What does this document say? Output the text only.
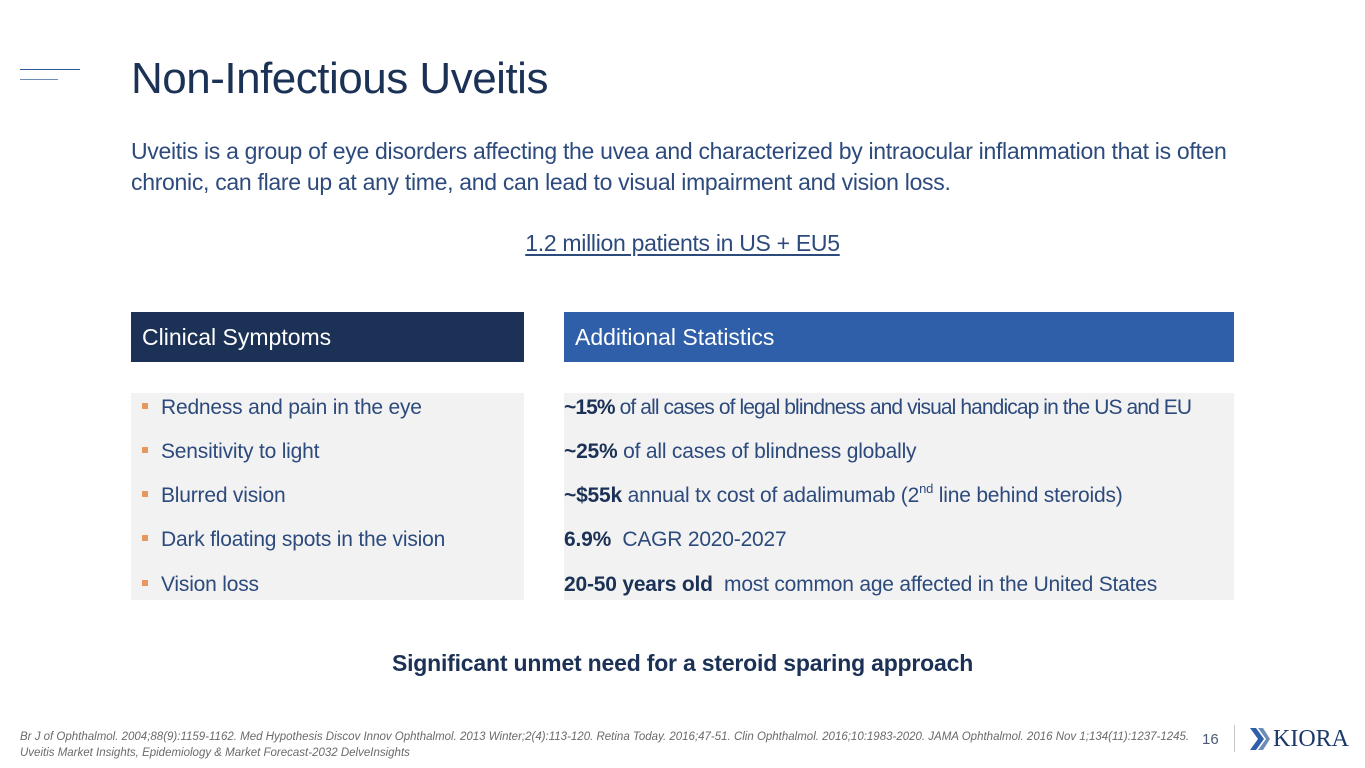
Non-Infectious Uveitis
Uveitis is a group of eye disorders affecting the uvea and characterized by intraocular inflammation that is often chronic, can flare up at any time, and can lead to visual impairment and vision loss.
1.2 million patients in US + EU5
Clinical Symptoms	Additional Statistics
Redness and pain in the eye
Sensitivity to light
Blurred vision
Dark floating spots in the vision
Vision loss
~15% of all cases of legal blindness and visual handicap in the US and EU
~25% of all cases of blindness globally
~$55k annual tx cost of adalimumab (2nd line behind steroids)
6.9%  CAGR 2020-2027
20-50 years old  most common age affected in the United States
Significant unmet need for a steroid sparing approach
Br J of Ophthalmol. 2004;88(9):1159-1162. Med Hypothesis Discov Innov Ophthalmol. 2013 Winter;2(4):113-120. Retina Today. 2016;47-51. Clin Ophthalmol. 2016;10:1983-2020. JAMA Ophthalmol. 2016 Nov 1;134(11):1237-1245. Uveitis Market Insights, Epidemiology & Market Forecast-2032 DelveInsights
16 KIORA
